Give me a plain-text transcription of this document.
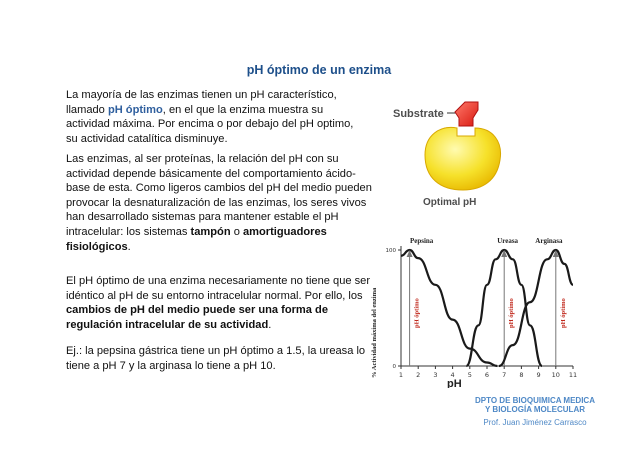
pH óptimo de un enzima
La mayoría de las enzimas tienen un pH característico, llamado pH óptimo, en el que la enzima muestra su actividad máxima. Por encima o por debajo del pH optimo, su actividad catalítica disminuye.
Las enzimas, al ser proteínas, la relación del pH con su actividad depende básicamente del comportamiento ácido-base de esta. Como ligeros cambios del pH del medio pueden provocar la desnaturalización de las enzimas, los seres vivos han desarrollado sistemas para mantener estable el pH intracelular: los sistemas tampón o amortiguadores fisiológicos.
El pH óptimo de una enzima necesariamente no tiene que ser idéntico al pH de su entorno intracelular normal. Por ello, los cambios de pH del medio puede ser una forma de regulación intracelular de su actividad.
Ej.: la pepsina gástrica tiene un pH óptimo a 1.5, la ureasa lo tiene a pH 7 y la arginasa lo tiene a pH 10.
Substrate
Optimal pH
1 2 3 4 5 6 7 8 9 10 11
100
0
pH
% Actividad máxima del enzima	pH óptimo
Pepsina
pH óptimo
Ureasa
pH óptimo
Arginasa
DPTO DE BIOQUIMICA MEDICA
Y BIOLOGÍA MOLECULAR
Prof. Juan Jiménez Carrasco
